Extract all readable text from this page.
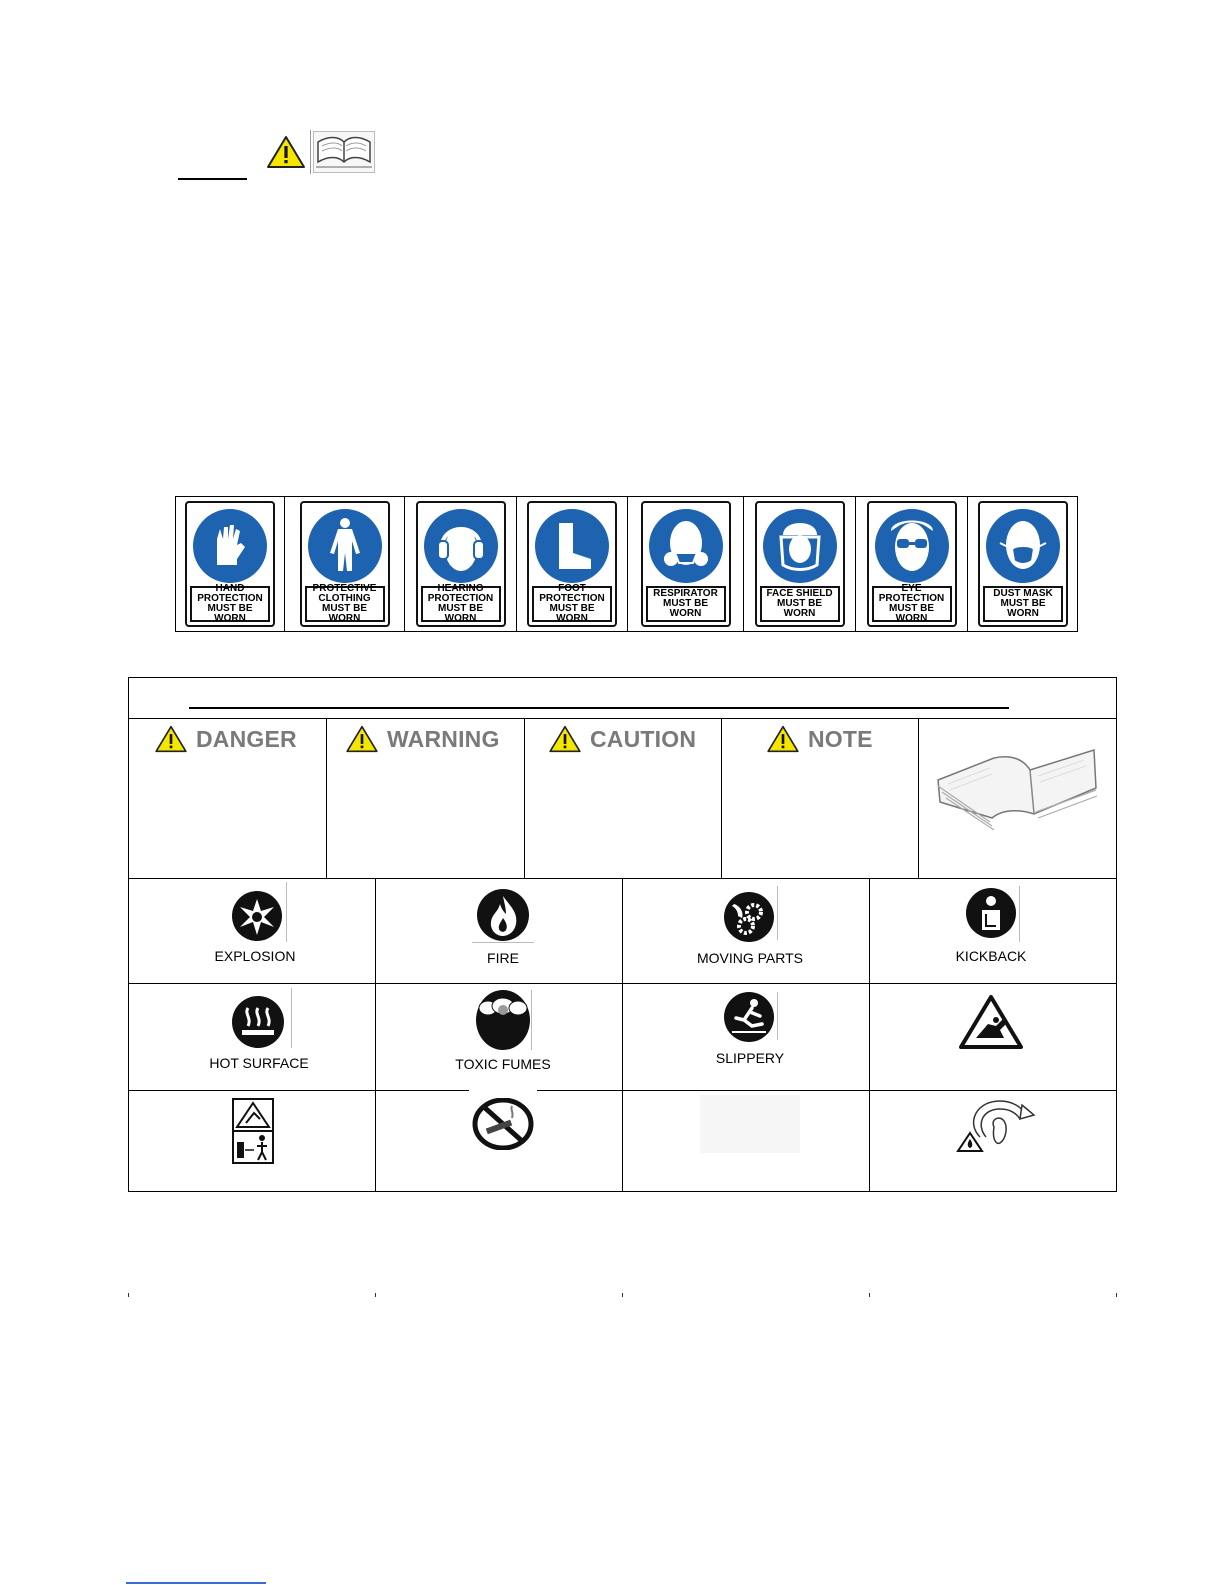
HAND
PROTECTION
MUST BE WORN
PROTECTIVE
CLOTHING
MUST BE WORN
HEARING
PROTECTION
MUST BE WORN
FOOT
PROTECTION
MUST BE WORN
RESPIRATOR
MUST BE WORN
FACE SHIELD
MUST BE WORN
EYE
PROTECTION
MUST BE WORN
DUST MASK
MUST BE WORN
DANGER	WARNING	CAUTION	NOTE
EXPLOSION	FIRE	MOVING PARTS	KICKBACK
HOT SURFACE	TOXIC FUMES	SLIPPERY
